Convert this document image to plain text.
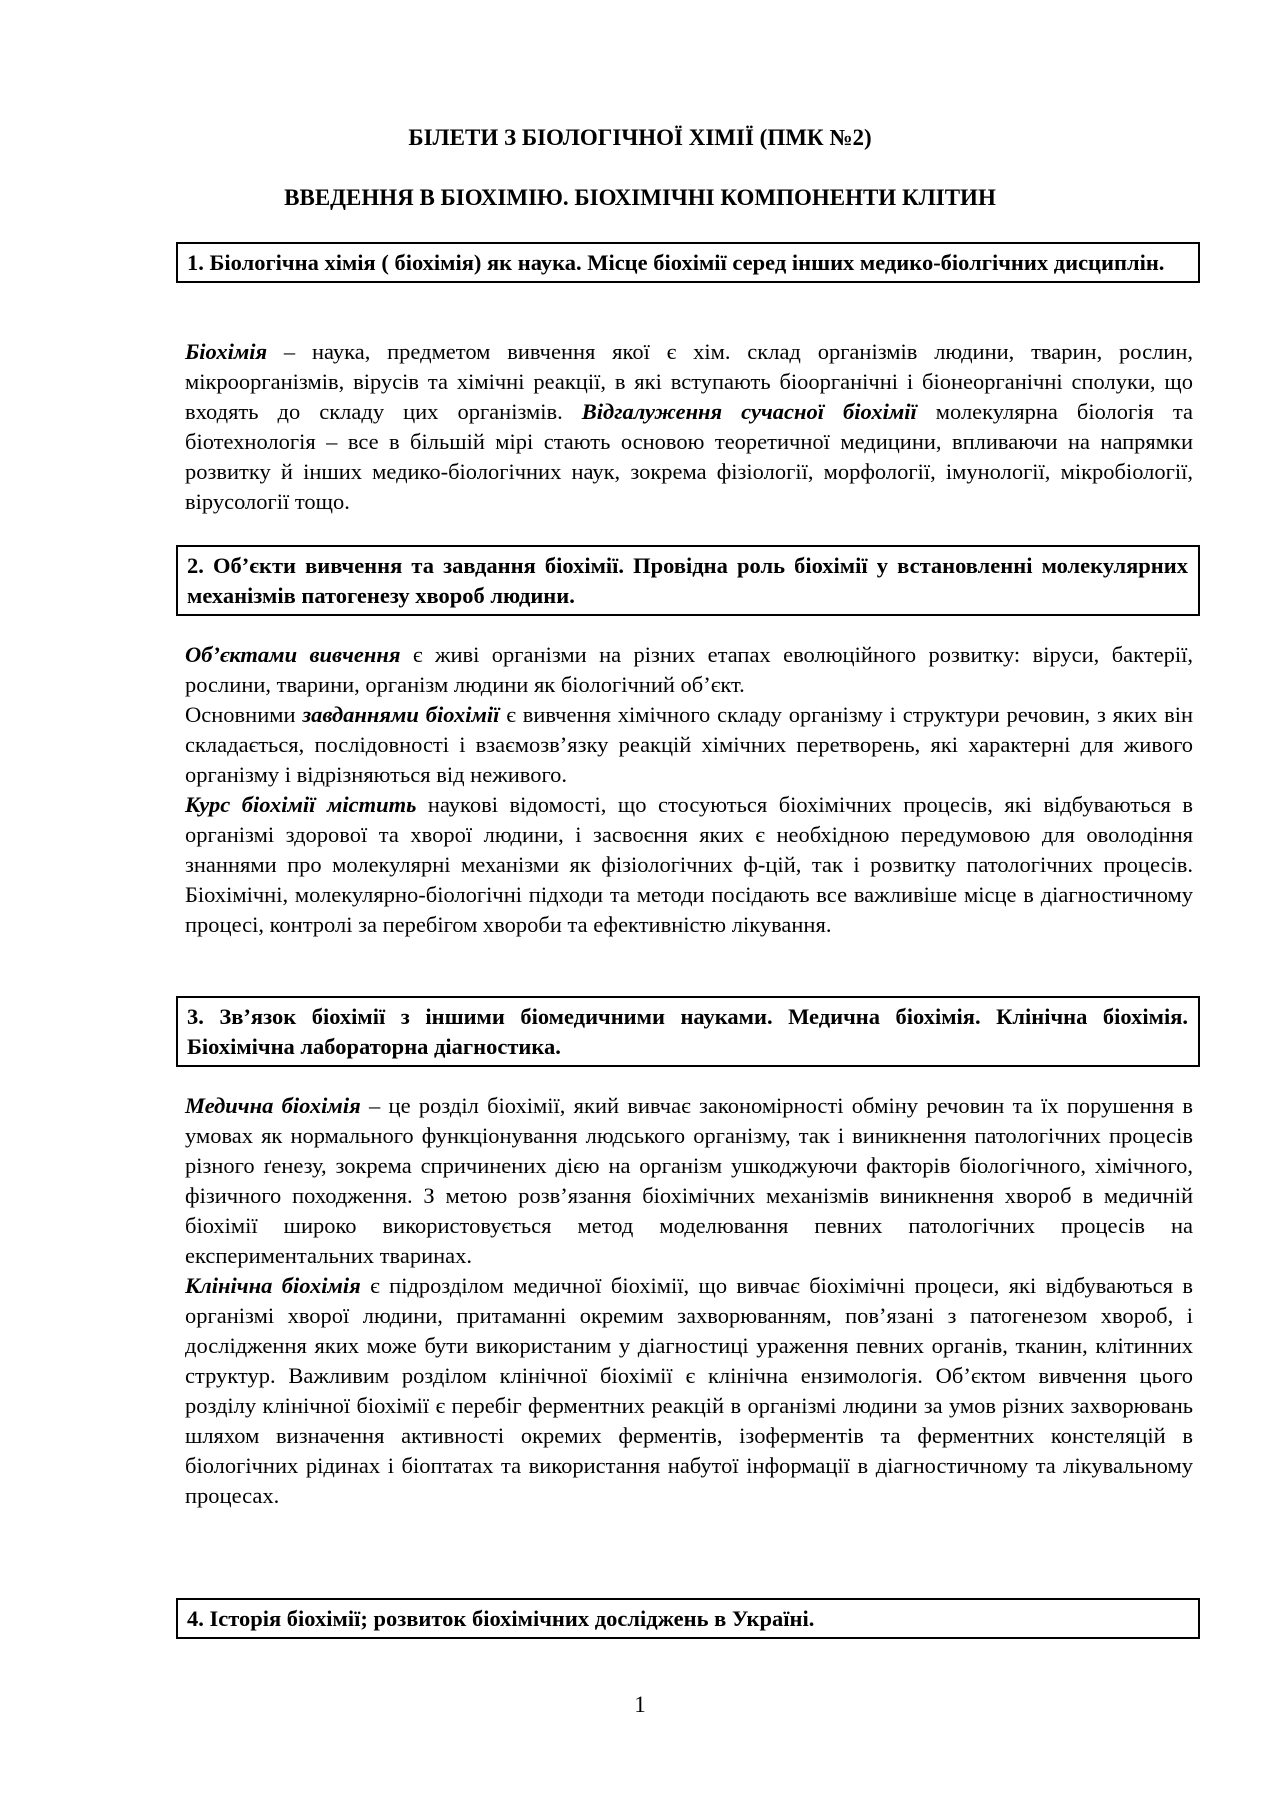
БІЛЕТИ З БІОЛОГІЧНОЇ ХІМІЇ (ПМК №2)
ВВЕДЕННЯ В БІОХІМІЮ. БІОХІМІЧНІ КОМПОНЕНТИ КЛІТИН
1. Біологічна хімія ( біохімія) як наука. Місце біохімії серед інших медико-біолгічних дисциплін.

Біохімія – наука, предметом вивчення якої є хім. склад організмів людини, тварин, рослин, мікроорганізмів, вірусів та хімічні реакції, в які вступають біоорганічні і біонеорганічні сполуки, що входять до складу цих організмів. Відгалуження сучасної біохімії молекулярна біологія та біотехнологія – все в більшій мірі стають основою теоретичної медицини, впливаючи на напрямки розвитку й інших медико-біологічних наук, зокрема фізіології, морфології, імунології, мікробіології, вірусології тощо.

2. Об’єкти вивчення та завдання біохімії. Провідна роль біохімії у встановленні молекулярних механізмів патогенезу хвороб людини.

Об’єктами вивчення є живі організми на різних етапах еволюційного розвитку: віруси, бактерії, рослини, тварини, організм людини як біологічний об’єкт.

Основними завданнями біохімії є вивчення хімічного складу організму і структури речовин, з яких він складається, послідовності і взаємозв’язку реакцій хімічних перетворень, які характерні для живого організму і відрізняються від неживого.

Курс біохімії містить наукові відомості, що стосуються біохімічних процесів, які відбуваються в організмі здорової та хворої людини, і засвоєння яких є необхідною передумовою для оволодіння знаннями про молекулярні механізми як фізіологічних ф-цій, так і розвитку патологічних процесів. Біохімічні, молекулярно-біологічні підходи та методи посідають все важливіше місце в діагностичному процесі, контролі за перебігом хвороби та ефективністю лікування.

3. Зв’язок біохімії з іншими біомедичними науками. Медична біохімія. Клінічна біохімія. Біохімічна лабораторна діагностика.

Медична біохімія – це розділ біохімії, який вивчає закономірності обміну речовин та їх порушення в умовах як нормального функціонування людського організму, так і виникнення патологічних процесів різного ґенезу, зокрема спричинених дією на організм ушкоджуючи факторів біологічного, хімічного, фізичного походження. З метою розв’язання біохімічних механізмів виникнення хвороб в медичній біохімії широко використовується метод моделювання певних патологічних процесів на експериментальних тваринах.

Клінічна біохімія є підрозділом медичної біохімії, що вивчає біохімічні процеси, які відбуваються в організмі хворої людини, притаманні окремим захворюванням, пов’язані з патогенезом хвороб, і дослідження яких може бути використаним у діагностиці ураження певних органів, тканин, клітинних структур. Важливим розділом клінічної біохімії є клінічна ензимологія. Об’єктом вивчення цього розділу клінічної біохімії є перебіг ферментних реакцій в організмі людини за умов різних захворювань шляхом визначення активності окремих ферментів, ізоферментів та ферментних констеляцій в біологічних рідинах і біоптатах та використання набутої інформації в діагностичному та лікувальному процесах.

4. Історія біохімії; розвиток біохімічних досліджень в Україні.
1
